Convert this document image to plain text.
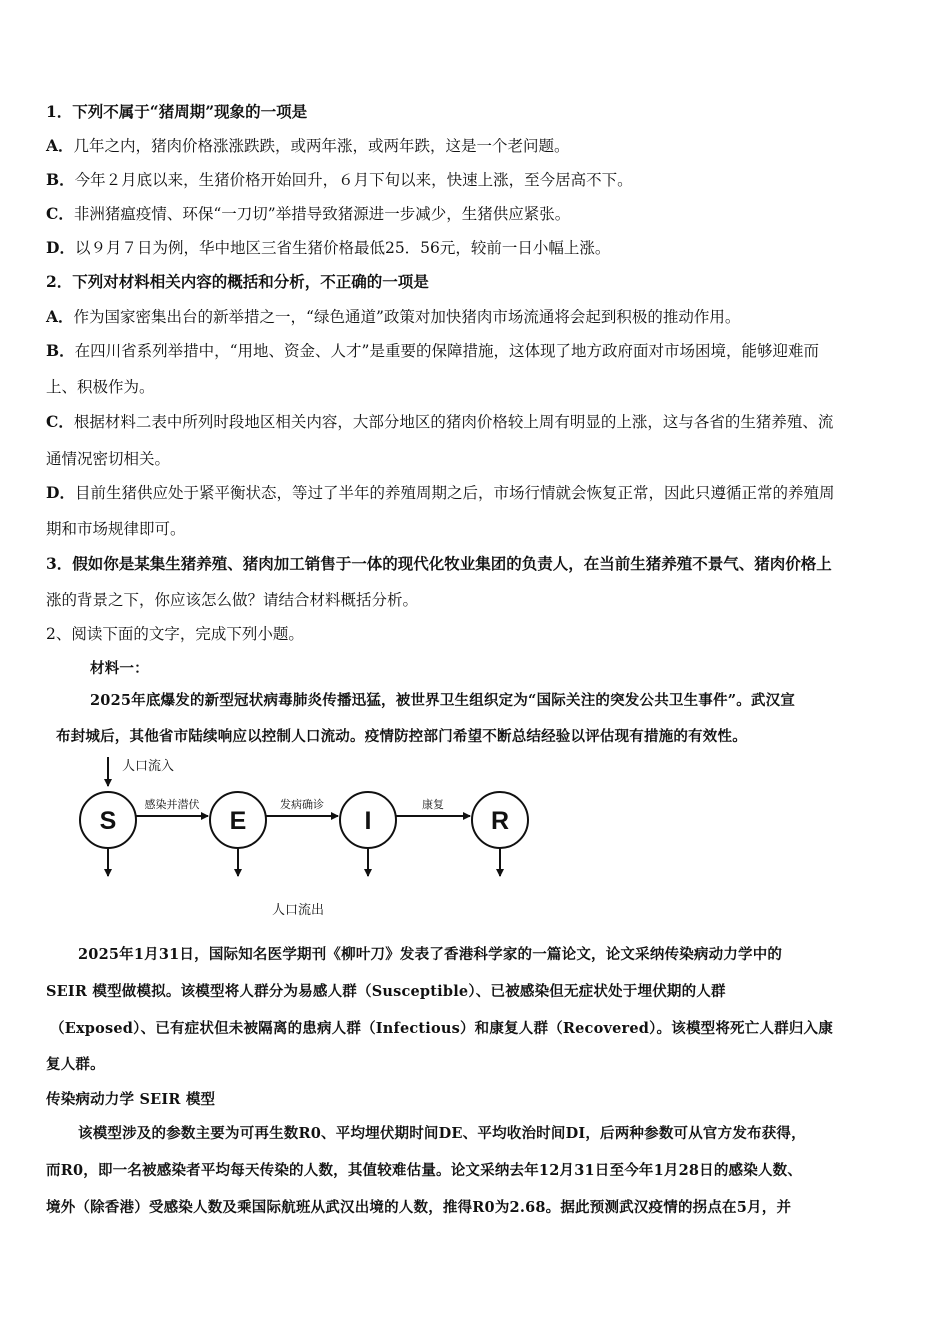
1．下列不属于“猪周期”现象的一项是
A．几年之内，猪肉价格涨涨跌跌，或两年涨，或两年跌，这是一个老问题。
B．今年２月底以来，生猪价格开始回升，６月下旬以来，快速上涨，至今居高不下。
C．非洲猪瘟疫情、环保“一刀切”举措导致猪源进一步减少，生猪供应紧张。
D．以９月７日为例，华中地区三省生猪价格最低25．56元，较前一日小幅上涨。
2．下列对材料相关内容的概括和分析，不正确的一项是
A．作为国家密集出台的新举措之一，“绿色通道”政策对加快猪肉市场流通将会起到积极的推动作用。
B．在四川省系列举措中，“用地、资金、人才”是重要的保障措施，这体现了地方政府面对市场困境，能够迎难而
上、积极作为。
C．根据材料二表中所列时段地区相关内容，大部分地区的猪肉价格较上周有明显的上涨，这与各省的生猪养殖、流
通情况密切相关。
D．目前生猪供应处于紧平衡状态，等过了半年的养殖周期之后，市场行情就会恢复正常，因此只遵循正常的养殖周
期和市场规律即可。
3．假如你是某集生猪养殖、猪肉加工销售于一体的现代化牧业集团的负责人，在当前生猪养殖不景气、猪肉价格上
涨的背景之下，你应该怎么做？请结合材料概括分析。
2、阅读下面的文字，完成下列小题。
材料一：
2025年底爆发的新型冠状病毒肺炎传播迅猛，被世界卫生组织定为“国际关注的突发公共卫生事件”。武汉宣
布封城后，其他省市陆续响应以控制人口流动。疫情防控部门希望不断总结经验以评估现有措施的有效性。
人口流入
S	E	I	R
感染并潜伏	发病确诊	康复
人口流出
2025年1月31日，国际知名医学期刊《柳叶刀》发表了香港科学家的一篇论文，论文采纳传染病动力学中的
SEIR 模型做模拟。该模型将人群分为易感人群（Susceptible）、已被感染但无症状处于埋伏期的人群
（Exposed）、已有症状但未被隔离的患病人群（Infectious）和康复人群（Recovered）。该模型将死亡人群归入康
复人群。
传染病动力学 SEIR 模型
该模型涉及的参数主要为可再生数R0、平均埋伏期时间DE、平均收治时间DI，后两种参数可从官方发布获得，
而R0，即一名被感染者平均每天传染的人数，其值较难估量。论文采纳去年12月31日至今年1月28日的感染人数、
境外（除香港）受感染人数及乘国际航班从武汉出境的人数，推得R0为2.68。据此预测武汉疫情的拐点在5月，并
